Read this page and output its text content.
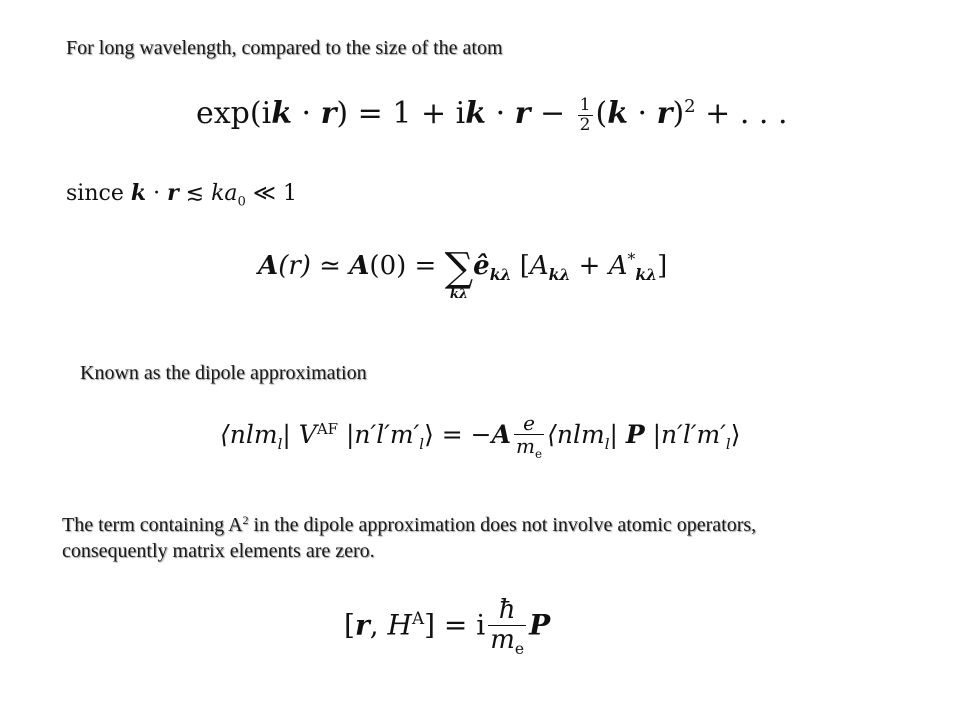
For long wavelength, compared to the size of the atom
exp(ik · r) = 1 + ik · $r - \frac{1}{2} (k \cdot r)^2$ + . . .
since k · r ≲ $ka_0$ ≪ 1
A(r) ≃ A(0) = ∑
kλ
$ê_{k\lambda}$ $[A_{k\lambda} + A^*_{k\lambda}]$
Known as the dipole approximation
⟨nlm$_l$| $V^{AF}$ $|n'l'm'_l⟩ = -A \frac{e}{m_e}$ ⟨nlm$_l$| P $|n'l'm'_l⟩$
The term containing $A^2$ in the dipole approximation does not involve atomic operators,
consequently matrix elements are zero.
[r, $H^A] = i \frac{ħ}{m_e}$ P
